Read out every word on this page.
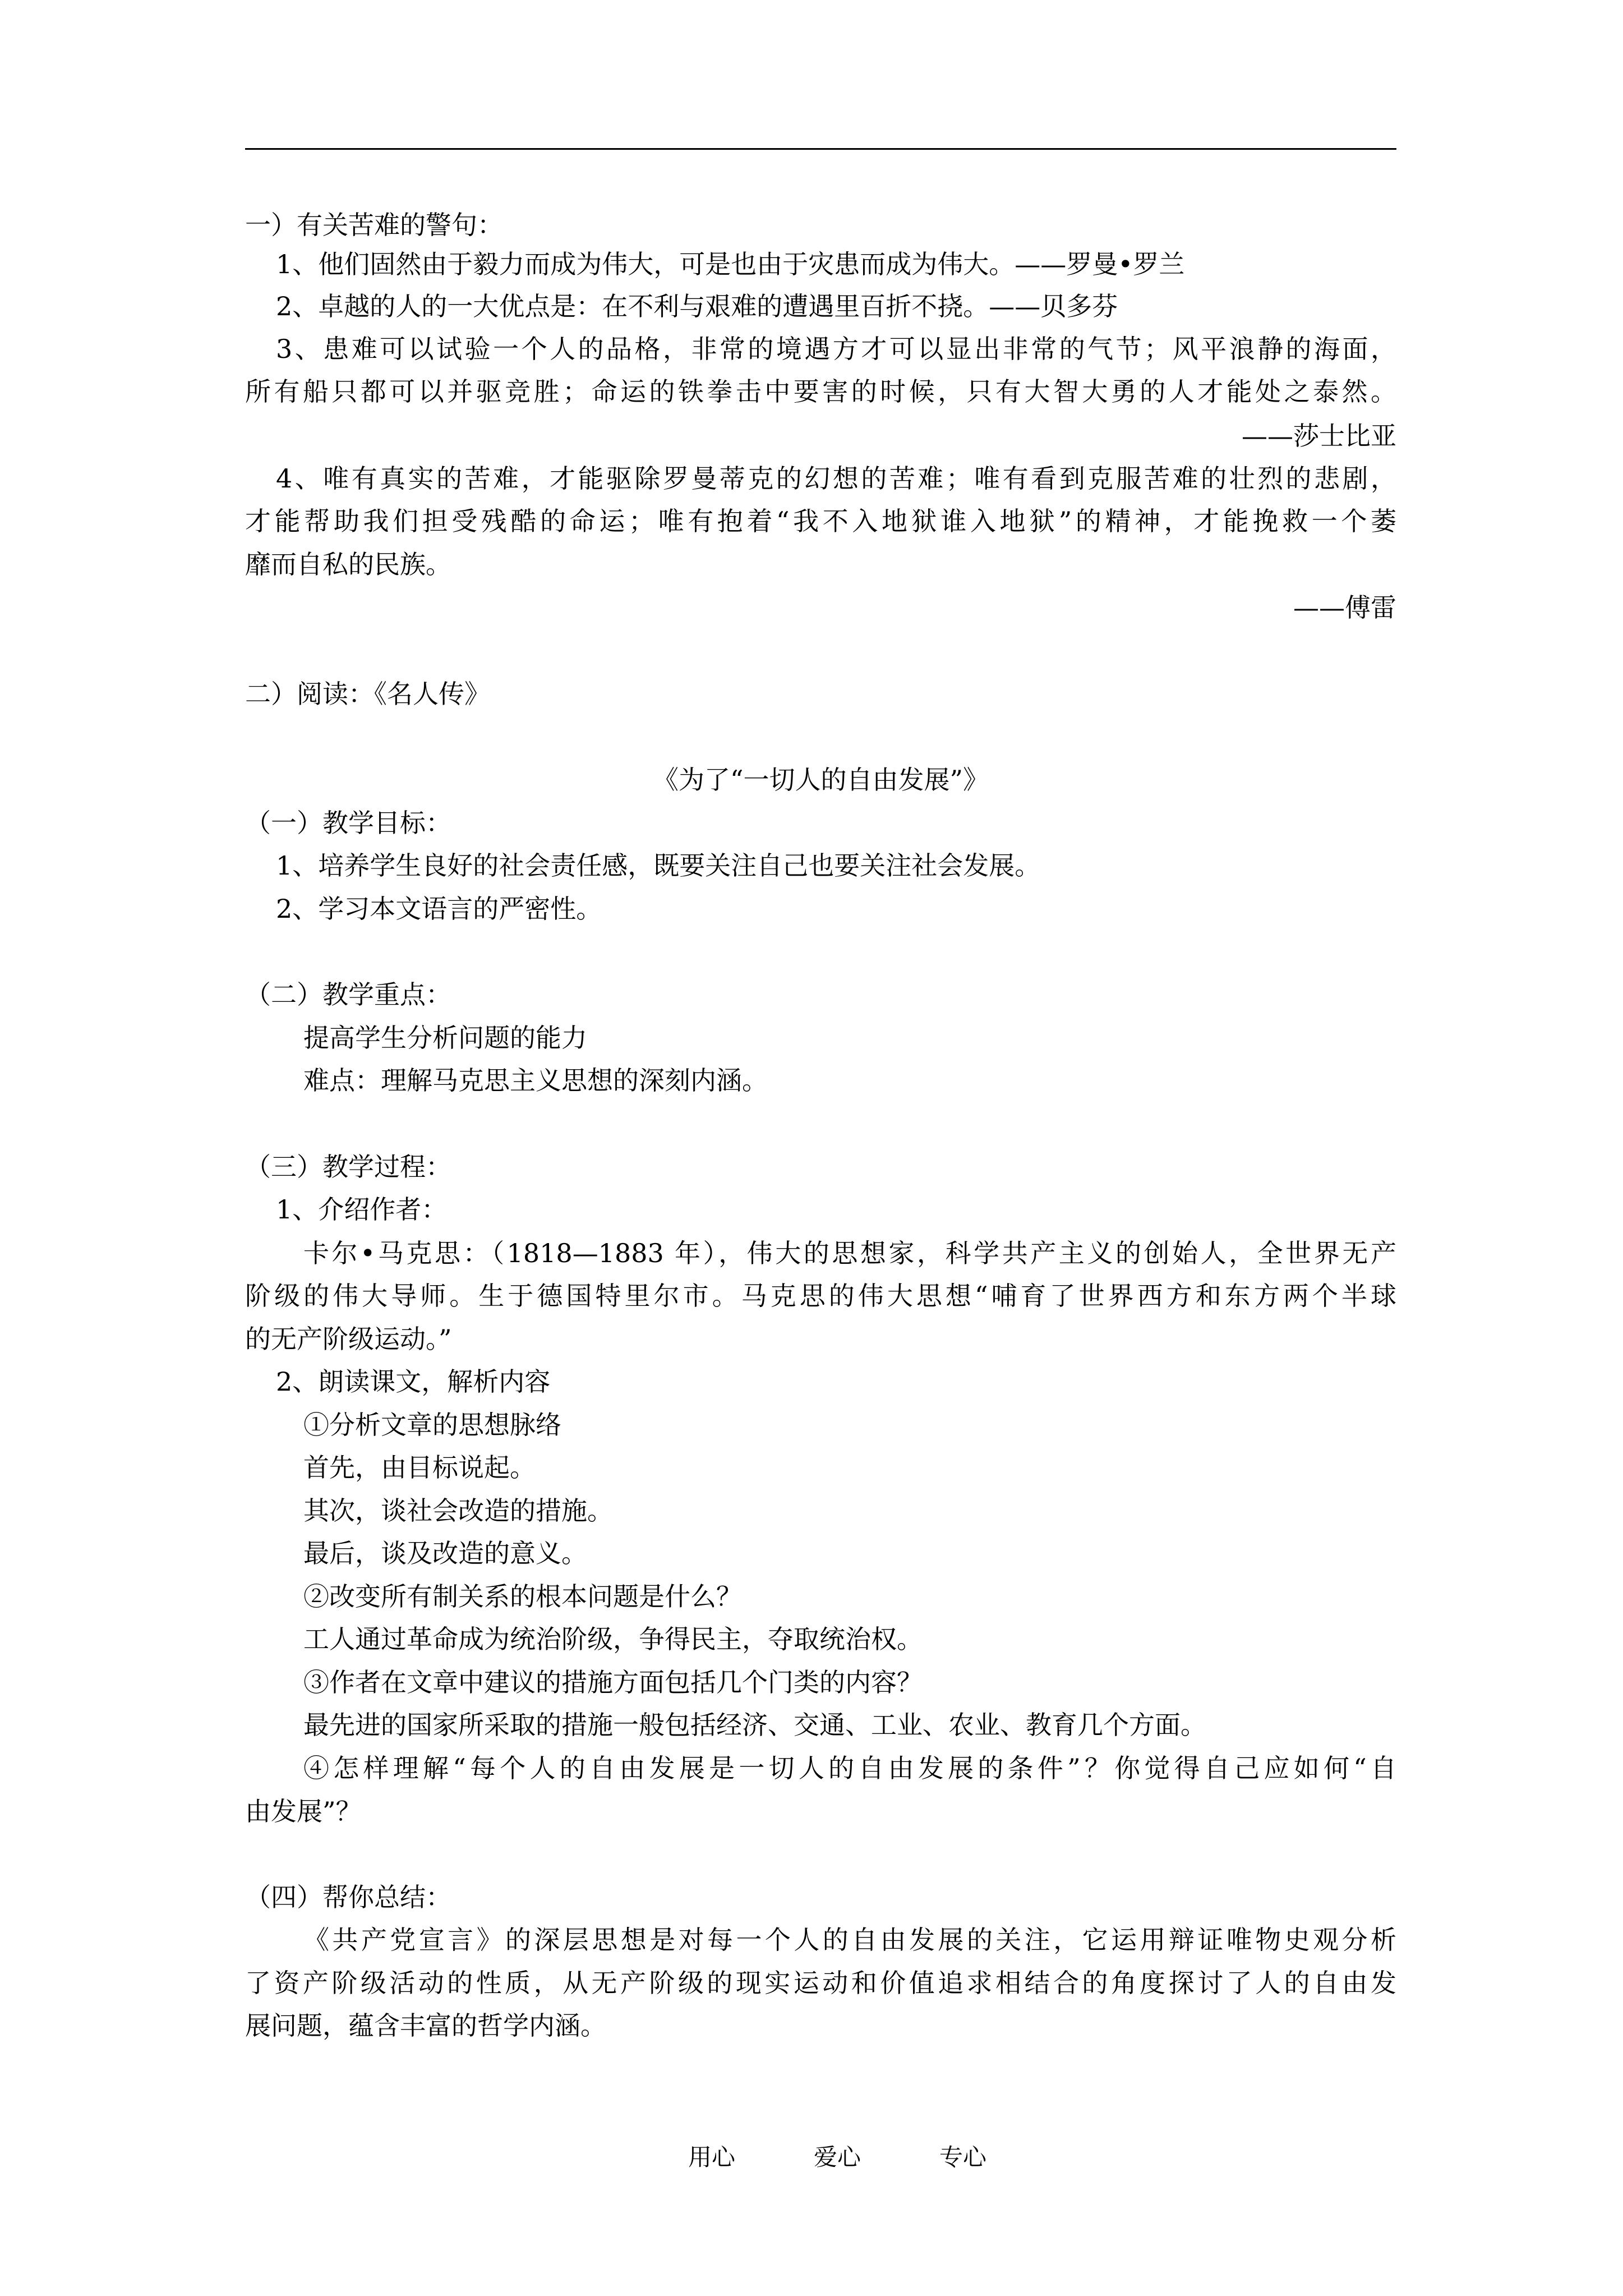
一）有关苦难的警句：
1、他们固然由于毅力而成为伟大，可是也由于灾患而成为伟大。——罗曼•罗兰
2、卓越的人的一大优点是：在不利与艰难的遭遇里百折不挠。——贝多芬
3、患难可以试验一个人的品格，非常的境遇方才可以显出非常的气节；风平浪静的海面，
所有船只都可以并驱竞胜；命运的铁拳击中要害的时候，只有大智大勇的人才能处之泰然。
——莎士比亚
4、唯有真实的苦难，才能驱除罗曼蒂克的幻想的苦难；唯有看到克服苦难的壮烈的悲剧，
才能帮助我们担受残酷的命运；唯有抱着“我不入地狱谁入地狱”的精神，才能挽救一个萎
靡而自私的民族。
——傅雷
二）阅读：《名人传》
《为了“一切人的自由发展”》
（一）教学目标：
1、培养学生良好的社会责任感，既要关注自己也要关注社会发展。
2、学习本文语言的严密性。
（二）教学重点：
提高学生分析问题的能力
难点：理解马克思主义思想的深刻内涵。
（三）教学过程：
1、介绍作者：
卡尔•马克思：（1818—1883 年），伟大的思想家，科学共产主义的创始人，全世界无产
阶级的伟大导师。生于德国特里尔市。马克思的伟大思想“哺育了世界西方和东方两个半球
的无产阶级运动。”
2、朗读课文，解析内容
①分析文章的思想脉络
首先，由目标说起。
其次，谈社会改造的措施。
最后，谈及改造的意义。
②改变所有制关系的根本问题是什么？
工人通过革命成为统治阶级，争得民主，夺取统治权。
③作者在文章中建议的措施方面包括几个门类的内容？
最先进的国家所采取的措施一般包括经济、交通、工业、农业、教育几个方面。
④怎样理解“每个人的自由发展是一切人的自由发展的条件”？你觉得自己应如何“自
由发展”？
（四）帮你总结：
《共产党宣言》的深层思想是对每一个人的自由发展的关注，它运用辩证唯物史观分析
了资产阶级活动的性质，从无产阶级的现实运动和价值追求相结合的角度探讨了人的自由发
展问题，蕴含丰富的哲学内涵。
用心	爱心	专心
